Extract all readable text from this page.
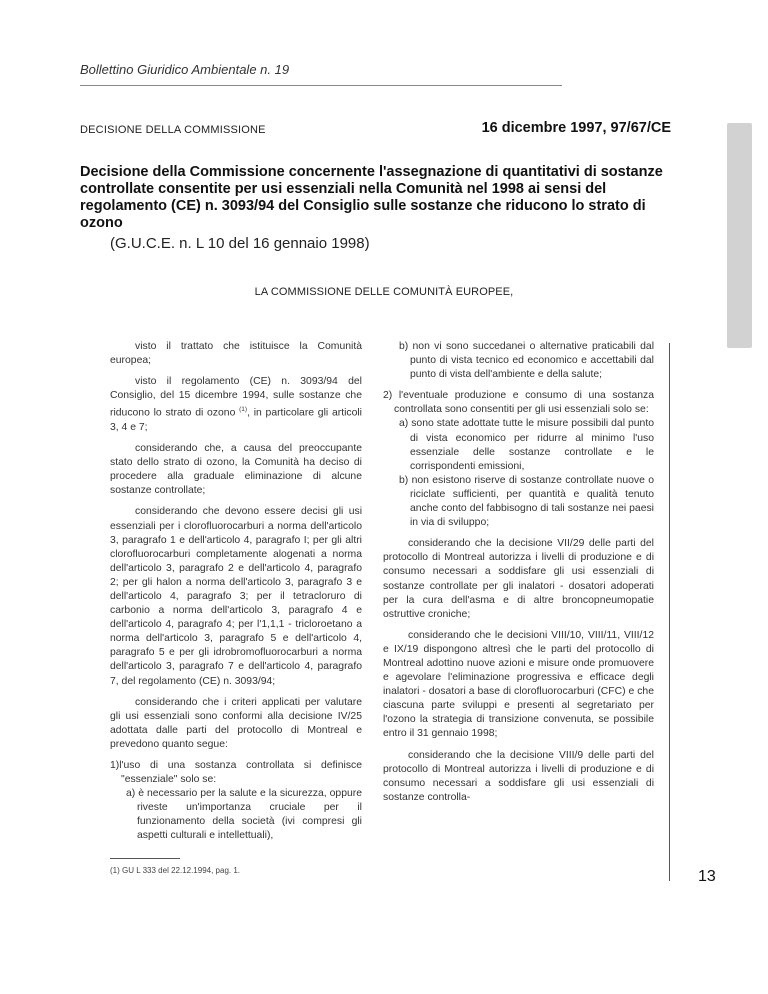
Bollettino Giuridico Ambientale n. 19
DECISIONE DELLA COMMISSIONE	16 dicembre 1997, 97/67/CE
Decisione della Commissione concernente l'assegnazione di quantitativi di sostanze controllate consentite per usi essenziali nella Comunità nel 1998 ai sensi del regolamento (CE) n. 3093/94 del Consiglio sulle sostanze che riducono lo strato di ozono
(G.U.C.E. n. L 10 del 16 gennaio 1998)
LA COMMISSIONE DELLE COMUNITÀ EUROPEE,

visto il trattato che istituisce la Comunità europea;

visto il regolamento (CE) n. 3093/94 del Consiglio, del 15 dicembre 1994, sulle sostanze che riducono lo strato di ozono $^{(1)}$, in particolare gli articoli 3, 4 e 7;

considerando che, a causa del preoccupante stato dello strato di ozono, la Comunità ha deciso di procedere alla graduale eliminazione di alcune sostanze controllate;

considerando che devono essere decisi gli usi essenziali per i clorofluorocarburi a norma dell'articolo 3, paragrafo 1 e dell'articolo 4, paragrafo I; per gli altri clorofluorocarburi completamente alogenati a norma dell'articolo 3, paragrafo 2 e dell'articolo 4, paragrafo 2; per gli halon a norma dell'articolo 3, paragrafo 3 e dell'articolo 4, paragrafo 3; per il tetracloruro di carbonio a norma dell'articolo 3, paragrafo 4 e dell'articolo 4, paragrafo 4; per l'1,1,1 - tricloroetano a norma dell'articolo 3, paragrafo 5 e dell'articolo 4, paragrafo 5 e per gli idrobromofluorocarburi a norma dell'articolo 3, paragrafo 7 e dell'articolo 4, paragrafo 7, del regolamento (CE) n. 3093/94;

considerando che i criteri applicati per valutare gli usi essenziali sono conformi alla decisione IV/25 adottata dalle parti del protocollo di Montreal e prevedono quanto segue:

1)l'uso di una sostanza controllata si definisce "essenziale" solo se:
a) è necessario per la salute e la sicurezza, oppure riveste un'importanza cruciale per il funzionamento della società (ivi compresi gli aspetti culturali e intellettuali),
(1) GU L 333 del 22.12.1994, pag. 1.
b) non vi sono succedanei o alternative praticabili dal punto di vista tecnico ed economico e accettabili dal punto di vista dell'ambiente e della salute;
2) l'eventuale produzione e consumo di una sostanza controllata sono consentiti per gli usi essenziali solo se:
a) sono state adottate tutte le misure possibili dal punto di vista economico per ridurre al minimo l'uso essenziale delle sostanze controllate e le corrispondenti emissioni,
b) non esistono riserve di sostanze controllate nuove o riciclate sufficienti, per quantità e qualità tenuto anche conto del fabbisogno di tali sostanze nei paesi in via di sviluppo;

considerando che la decisione VII/29 delle parti del protocollo di Montreal autorizza i livelli di produzione e di consumo necessari a soddisfare gli usi essenziali di sostanze controllate per gli inalatori - dosatori adoperati per la cura dell'asma e di altre broncopneumopatie ostruttive croniche;

considerando che le decisioni VIII/10, VIII/11, VIII/12 e IX/19 dispongono altresì che le parti del protocollo di Montreal adottino nuove azioni e misure onde promuovere e agevolare l'eliminazione progressiva e efficace degli inalatori - dosatori a base di clorofluorocarburi (CFC) e che ciascuna parte sviluppi e presenti al segretariato per l'ozono la strategia di transizione convenuta, se possibile entro il 31 gennaio 1998;

considerando che la decisione VIII/9 delle parti del protocollo di Montreal autorizza i livelli di produzione e di consumo necessari a soddisfare gli usi essenziali di sostanze controlla-

13
